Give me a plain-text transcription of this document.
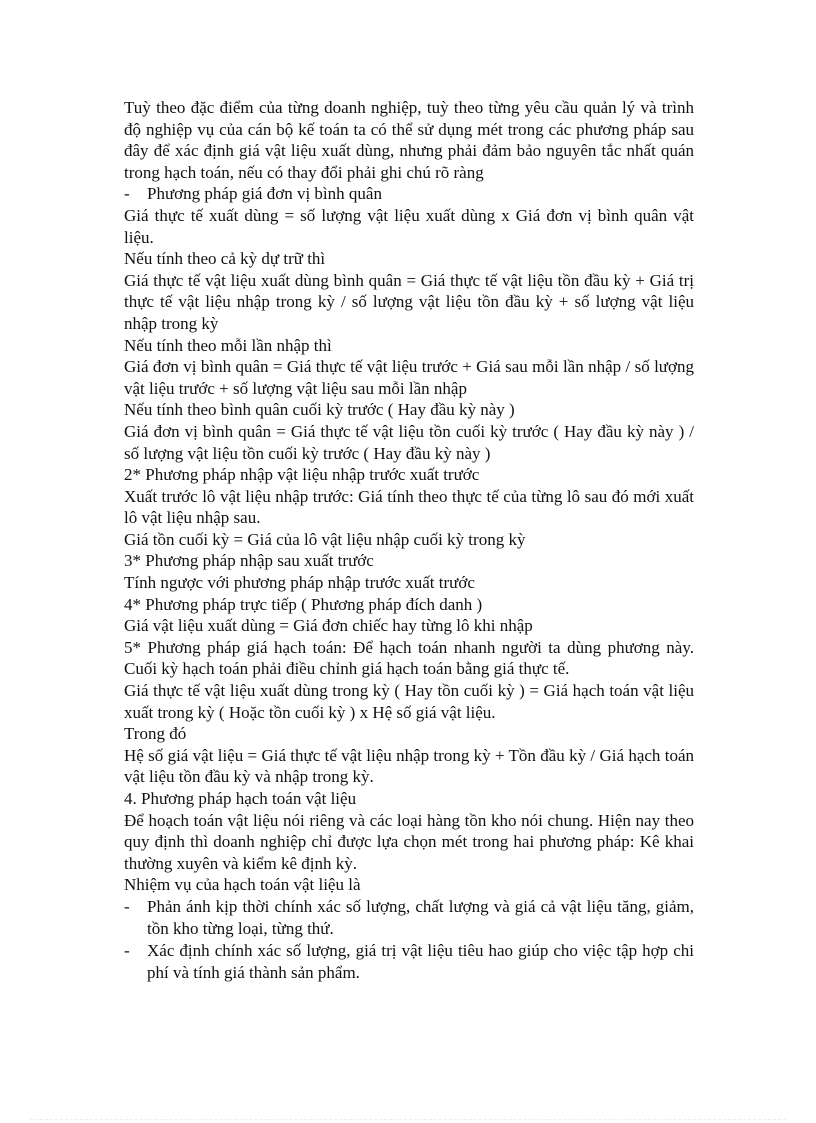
Tuỳ theo đặc điểm của từng doanh nghiệp, tuỳ theo từng yêu cầu quản lý và trình độ nghiệp vụ của cán bộ kế toán ta có thể sử dụng mét trong các phương pháp sau đây để xác định giá vật liệu xuất dùng, nhưng phải đảm bảo nguyên tắc nhất quán trong hạch toán, nếu có thay đổi phải ghi chú rõ ràng

-	Phương pháp giá đơn vị bình quân

Giá thực tế xuất dùng = số lượng vật liệu xuất dùng x Giá đơn vị bình quân vật liệu.

Nếu tính theo cả kỳ dự trữ thì

Giá thực tế vật liệu xuất dùng bình quân = Giá thực tế vật liệu tồn đầu kỳ + Giá trị thực tế vật liệu nhập trong kỳ / số lượng vật liệu tồn đầu kỳ + số lượng vật liệu nhập trong kỳ

Nếu tính theo mỗi lần nhập thì

Giá đơn vị bình quân = Giá thực tế vật liệu trước + Giá sau mỗi lần nhập / số lượng vật liệu trước + số lượng vật liệu sau mỗi lần nhập

Nếu tính theo bình quân cuối kỳ trước ( Hay đầu kỳ này )

Giá đơn vị bình quân = Giá thực tế vật liệu tồn cuối kỳ trước ( Hay đầu kỳ này ) / số lượng vật liệu tồn cuối kỳ trước ( Hay đầu kỳ này )

2* Phương pháp nhập vật liệu nhập trước xuất trước

Xuất trước lô vật liệu nhập trước: Giá tính theo thực tế của từng lô sau đó mới xuất lô vật liệu nhập sau.

Giá tồn cuối kỳ = Giá của lô vật liệu nhập cuối kỳ trong kỳ

3* Phương pháp nhập sau xuất trước

Tính ngược với phương pháp nhập trước xuất trước

4* Phương pháp trực tiếp ( Phương pháp đích danh )

Giá vật liệu xuất dùng = Giá đơn chiếc hay từng lô khi nhập

5* Phương pháp giá hạch toán: Để hạch toán nhanh người ta dùng phương này. Cuối kỳ hạch toán phải điều chỉnh giá hạch toán bằng giá thực tế.

Giá thực tế vật liệu xuất dùng trong kỳ ( Hay tồn cuối kỳ ) = Giá hạch toán vật liệu xuất trong kỳ ( Hoặc tồn cuối kỳ ) x Hệ số giá vật liệu.

Trong đó

Hệ số giá vật liệu = Giá thực tế vật liệu nhập trong kỳ + Tồn đầu kỳ / Giá hạch toán vật liệu tồn đầu kỳ và nhập trong kỳ.

4. Phương pháp hạch toán vật liệu

Để hoạch toán vật liệu nói riêng và các loại hàng tồn kho nói chung. Hiện nay theo quy định thì doanh nghiệp chỉ được lựa chọn mét trong hai phương pháp: Kê khai thường xuyên và kiểm kê định kỳ.

Nhiệm vụ của hạch toán vật liệu là

-	Phản ánh kịp thời chính xác số lượng, chất lượng và giá cả vật liệu tăng, giảm, tồn kho từng loại, từng thứ.
-	Xác định chính xác số lượng, giá trị vật liệu tiêu hao giúp cho việc tập hợp chi phí và tính giá thành sản phẩm.
